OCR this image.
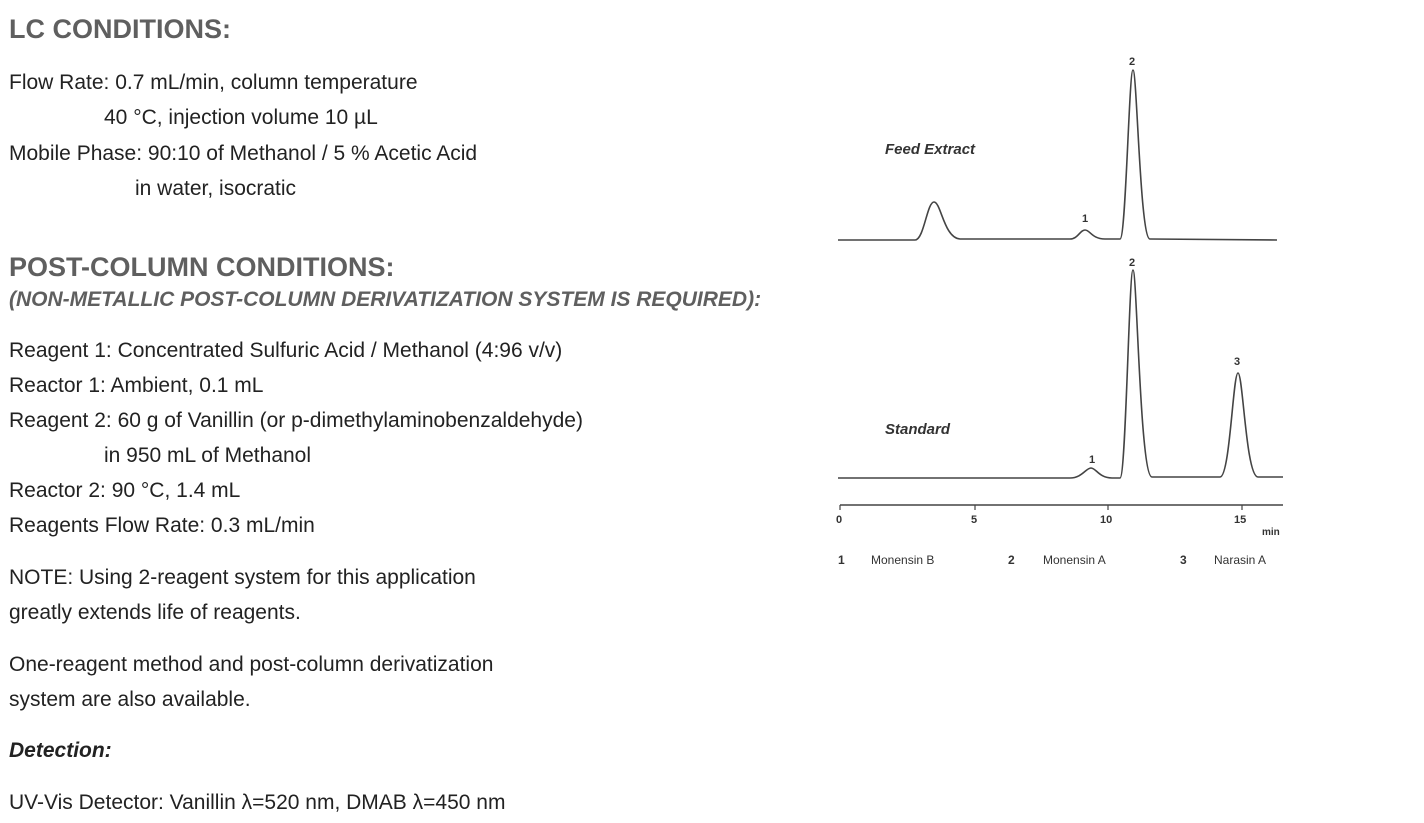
LC CONDITIONS:
Flow Rate: 0.7 mL/min, column temperature
40 °C, injection volume 10 µL
Mobile Phase: 90:10 of Methanol / 5 % Acetic Acid
in water, isocratic
POST-COLUMN CONDITIONS:
(NON-METALLIC POST-COLUMN DERIVATIZATION SYSTEM IS REQUIRED):
Reagent 1: Concentrated Sulfuric Acid / Methanol (4:96 v/v)
Reactor 1: Ambient, 0.1 mL
Reagent 2: 60 g of Vanillin (or p-dimethylaminobenzaldehyde)
in 950 mL of Methanol
Reactor 2: 90 °C, 1.4 mL
Reagents Flow Rate: 0.3 mL/min
NOTE: Using 2-reagent system for this application
greatly extends life of reagents.
One-reagent method and post-column derivatization
system are also available.
Detection:
UV-Vis Detector: Vanillin λ=520 nm, DMAB λ=450 nm
Feed Extract
1
2
Standard
1
2
3
0	5	10	15
min
1 Monensin B	2 Monensin A	3 Narasin A
